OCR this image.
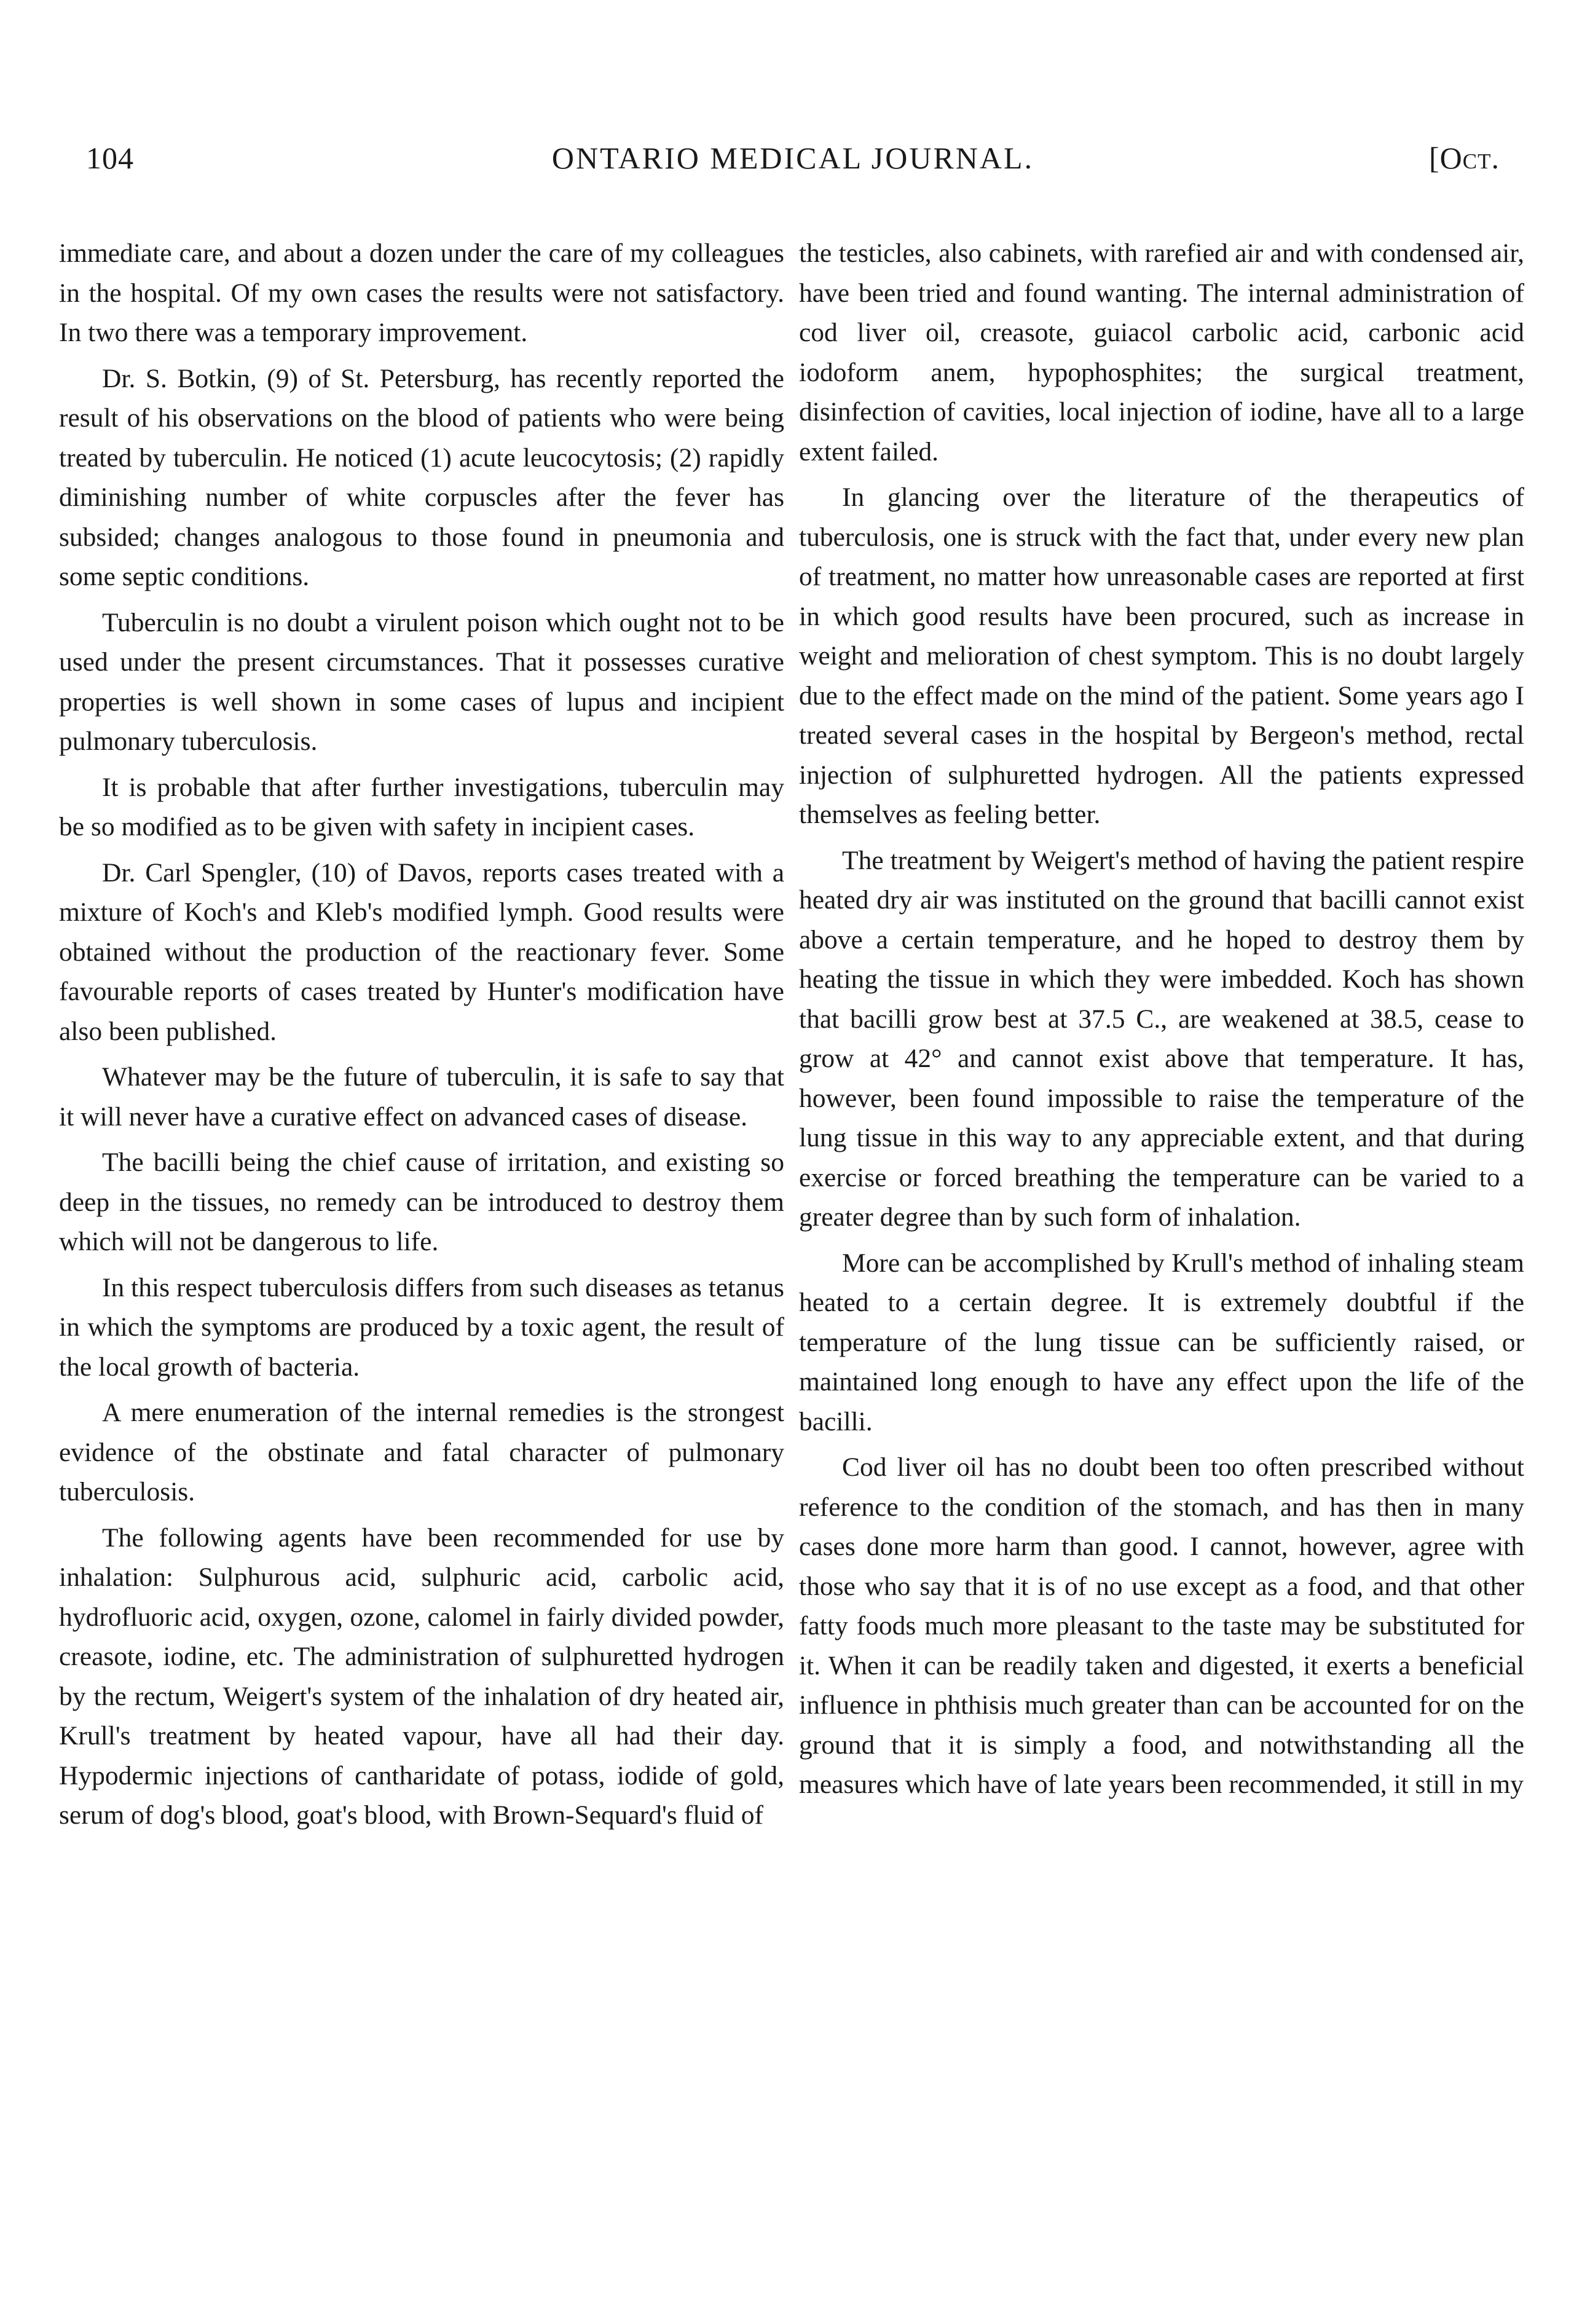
104	ONTARIO MEDICAL JOURNAL.	[Oct.

immediate care, and about a dozen under the care of my colleagues in the hospital. Of my own cases the results were not satisfactory. In two there was a temporary improvement.

Dr. S. Botkin, (9) of St. Petersburg, has recently reported the result of his observations on the blood of patients who were being treated by tuberculin. He noticed (1) acute leucocytosis; (2) rapidly diminishing number of white corpuscles after the fever has subsided; changes analogous to those found in pneumonia and some septic conditions.

Tuberculin is no doubt a virulent poison which ought not to be used under the present circumstances. That it possesses curative properties is well shown in some cases of lupus and incipient pulmonary tuberculosis.

It is probable that after further investigations, tuberculin may be so modified as to be given with safety in incipient cases.

Dr. Carl Spengler, (10) of Davos, reports cases treated with a mixture of Koch's and Kleb's modified lymph. Good results were obtained without the production of the reactionary fever. Some favourable reports of cases treated by Hunter's modification have also been published.

Whatever may be the future of tuberculin, it is safe to say that it will never have a curative effect on advanced cases of disease.

The bacilli being the chief cause of irritation, and existing so deep in the tissues, no remedy can be introduced to destroy them which will not be dangerous to life.

In this respect tuberculosis differs from such diseases as tetanus in which the symptoms are produced by a toxic agent, the result of the local growth of bacteria.

A mere enumeration of the internal remedies is the strongest evidence of the obstinate and fatal character of pulmonary tuberculosis.

The following agents have been recommended for use by inhalation: Sulphurous acid, sulphuric acid, carbolic acid, hydrofluoric acid, oxygen, ozone, calomel in fairly divided powder, creasote, iodine, etc. The administration of sulphuretted hydrogen by the rectum, Weigert's system of the inhalation of dry heated air, Krull's treatment by heated vapour, have all had their day. Hypodermic injections of cantharidate of potass, iodide of gold, serum of dog's blood, goat's blood, with Brown-Sequard's fluid of

the testicles, also cabinets, with rarefied air and with condensed air, have been tried and found wanting. The internal administration of cod liver oil, creasote, guiacol carbolic acid, carbonic acid iodoform anem, hypophosphites; the surgical treatment, disinfection of cavities, local injection of iodine, have all to a large extent failed.

In glancing over the literature of the therapeutics of tuberculosis, one is struck with the fact that, under every new plan of treatment, no matter how unreasonable cases are reported at first in which good results have been procured, such as increase in weight and melioration of chest symptom. This is no doubt largely due to the effect made on the mind of the patient. Some years ago I treated several cases in the hospital by Bergeon's method, rectal injection of sulphuretted hydrogen. All the patients expressed themselves as feeling better.

The treatment by Weigert's method of having the patient respire heated dry air was instituted on the ground that bacilli cannot exist above a certain temperature, and he hoped to destroy them by heating the tissue in which they were imbedded. Koch has shown that bacilli grow best at 37.5 C., are weakened at 38.5, cease to grow at 42° and cannot exist above that temperature. It has, however, been found impossible to raise the temperature of the lung tissue in this way to any appreciable extent, and that during exercise or forced breathing the temperature can be varied to a greater degree than by such form of inhalation.

More can be accomplished by Krull's method of inhaling steam heated to a certain degree. It is extremely doubtful if the temperature of the lung tissue can be sufficiently raised, or maintained long enough to have any effect upon the life of the bacilli.

Cod liver oil has no doubt been too often prescribed without reference to the condition of the stomach, and has then in many cases done more harm than good. I cannot, however, agree with those who say that it is of no use except as a food, and that other fatty foods much more pleasant to the taste may be substituted for it. When it can be readily taken and digested, it exerts a beneficial influence in phthisis much greater than can be accounted for on the ground that it is simply a food, and notwithstanding all the measures which have of late years been recommended, it still in my
